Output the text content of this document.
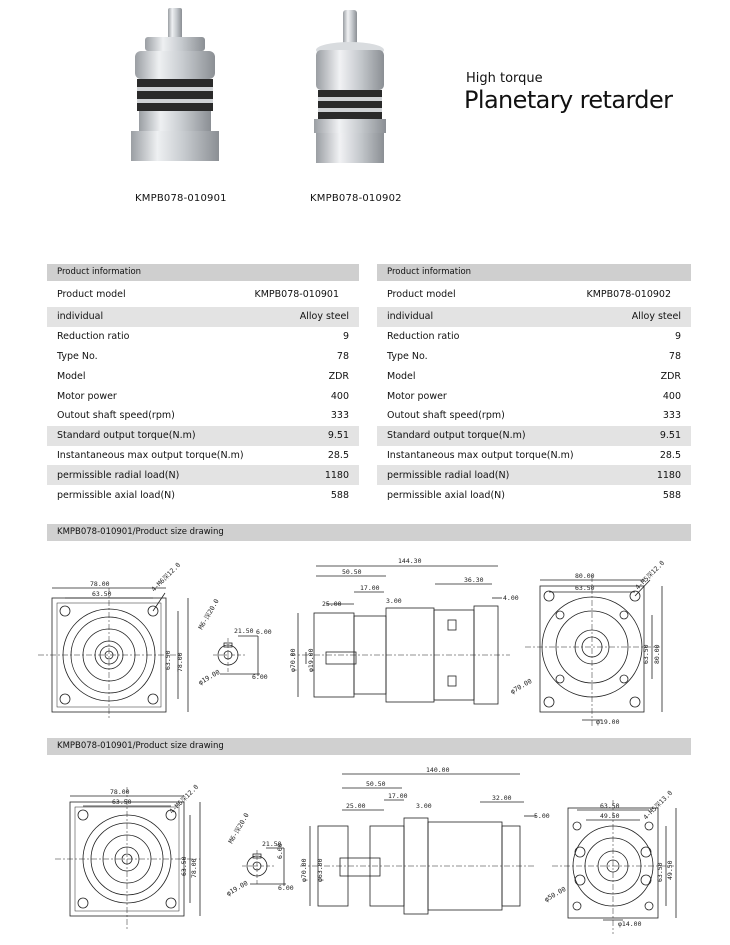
KMPB078-010901	KMPB078-010902
High torque
Planetary retarder
Product information
Product model	KMPB078-010901
individual	Alloy steel
Reduction ratio	9
Type No.	78
Model	ZDR
Motor power	400
Outout shaft speed(rpm)	333
Standard output torque(N.m)	9.51
Instantaneous max output torque(N.m)	28.5
permissible radial load(N)	1180
permissible axial load(N)	588
Product information
Product model	KMPB078-010902
individual	Alloy steel
Reduction ratio	9
Type No.	78
Model	ZDR
Motor power	400
Outout shaft speed(rpm)	333
Standard output torque(N.m)	9.51
Instantaneous max output torque(N.m)	28.5
permissible radial load(N)	1180
permissible axial load(N)	588
KMPB078-010901/Product size drawing
78.00
63.50
4-M6深12.0
63.50 78.00
21.50 6.00
6.00
φ19.00
M6-深20.0
144.30
50.50
17.00
3.00
25.00
36.30
4.00
φ70.00 φ19.00
80.00
63.50	4-M5深12.0
63.50 80.00
φ19.00
φ70.00
KMPB078-010901/Product size drawing
78.00
63.50	4-M6深12.0
63.50 78.00
21.50
6.00
6.00
φ19.00
M6-深20.0
140.00
50.50
17.00
3.00
25.00
32.00
5.00
φ70.00 φ63.00
63.50
49.50	4-M5深13.0
63.50 49.50
φ14.00
φ50.00
